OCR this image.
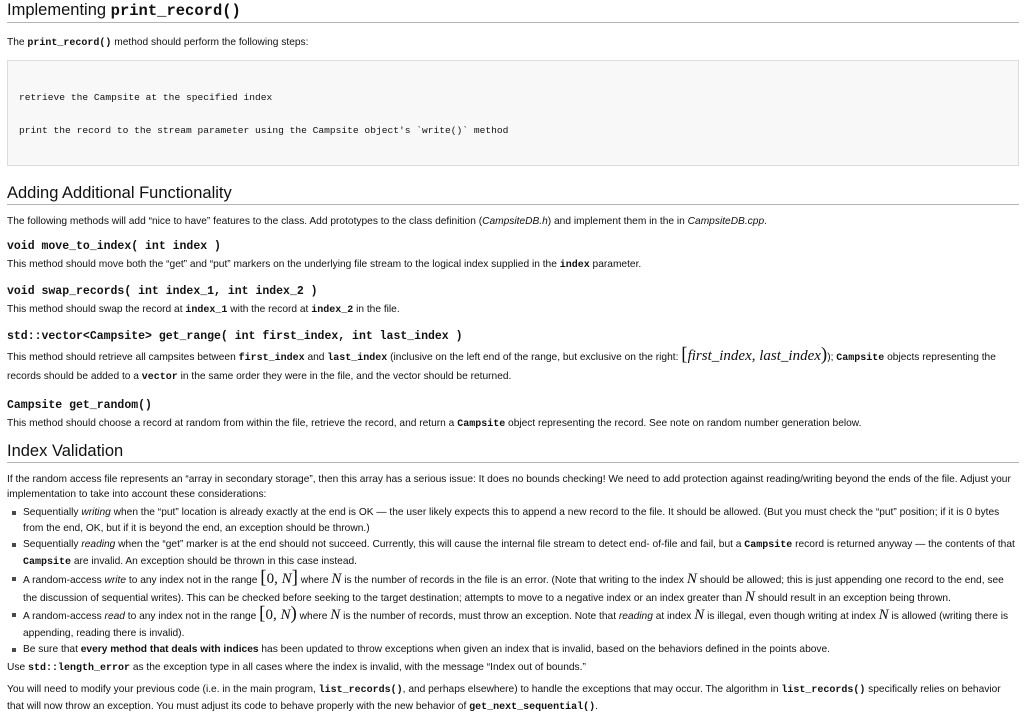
Implementing print_record()

The print_record() method should perform the following steps:

retrieve the Campsite at the specified index

print the record to the stream parameter using the Campsite object's `write()` method

Adding Additional Functionality

The following methods will add “nice to have” features to the class. Add prototypes to the class definition (CampsiteDB.h) and implement them in the in CampsiteDB.cpp.

void move_to_index( int index )

This method should move both the “get” and “put” markers on the underlying file stream to the logical index supplied in the index parameter.

void swap_records( int index_1, int index_2 )

This method should swap the record at index_1 with the record at index_2 in the file.

std::vector<Campsite> get_range( int first_index, int last_index )

This method should retrieve all campsites between first_index and last_index (inclusive on the left end of the range, but exclusive on the right: [first_index, last_index)); Campsite objects representing the records should be added to a vector in the same order they were in the file, and the vector should be returned.

Campsite get_random()

This method should choose a record at random from within the file, retrieve the record, and return a Campsite object representing the record. See note on random number generation below.

Index Validation

If the random access file represents an “array in secondary storage”, then this array has a serious issue: It does no bounds checking! We need to add protection against reading/writing beyond the ends of the file. Adjust your implementation to take into account these considerations:

Sequentially writing when the “put” location is already exactly at the end is OK — the user likely expects this to append a new record to the file. It should be allowed. (But you must check the “put” position; if it is 0 bytes from the end, OK, but if it is beyond the end, an exception should be thrown.)
Sequentially reading when the “get” marker is at the end should not succeed. Currently, this will cause the internal file stream to detect end- of-file and fail, but a Campsite record is returned anyway — the contents of that Campsite are invalid. An exception should be thrown in this case instead.
A random-access write to any index not in the range [0, N] where N is the number of records in the file is an error. (Note that writing to the index N should be allowed; this is just appending one record to the end, see the discussion of sequential writes). This can be checked before seeking to the target destination; attempts to move to a negative index or an index greater than N should result in an exception being thrown.
A random-access read to any index not in the range [0, N) where N is the number of records, must throw an exception. Note that reading at index N is illegal, even though writing at index N is allowed (writing there is appending, reading there is invalid).
Be sure that every method that deals with indices has been updated to throw exceptions when given an index that is invalid, based on the behaviors defined in the points above.

Use std::length_error as the exception type in all cases where the index is invalid, with the message “Index out of bounds.”

You will need to modify your previous code (i.e. in the main program, list_records(), and perhaps elsewhere) to handle the exceptions that may occur. The algorithm in list_records() specifically relies on behavior that will now throw an exception. You must adjust its code to behave properly with the new behavior of get_next_sequential().
